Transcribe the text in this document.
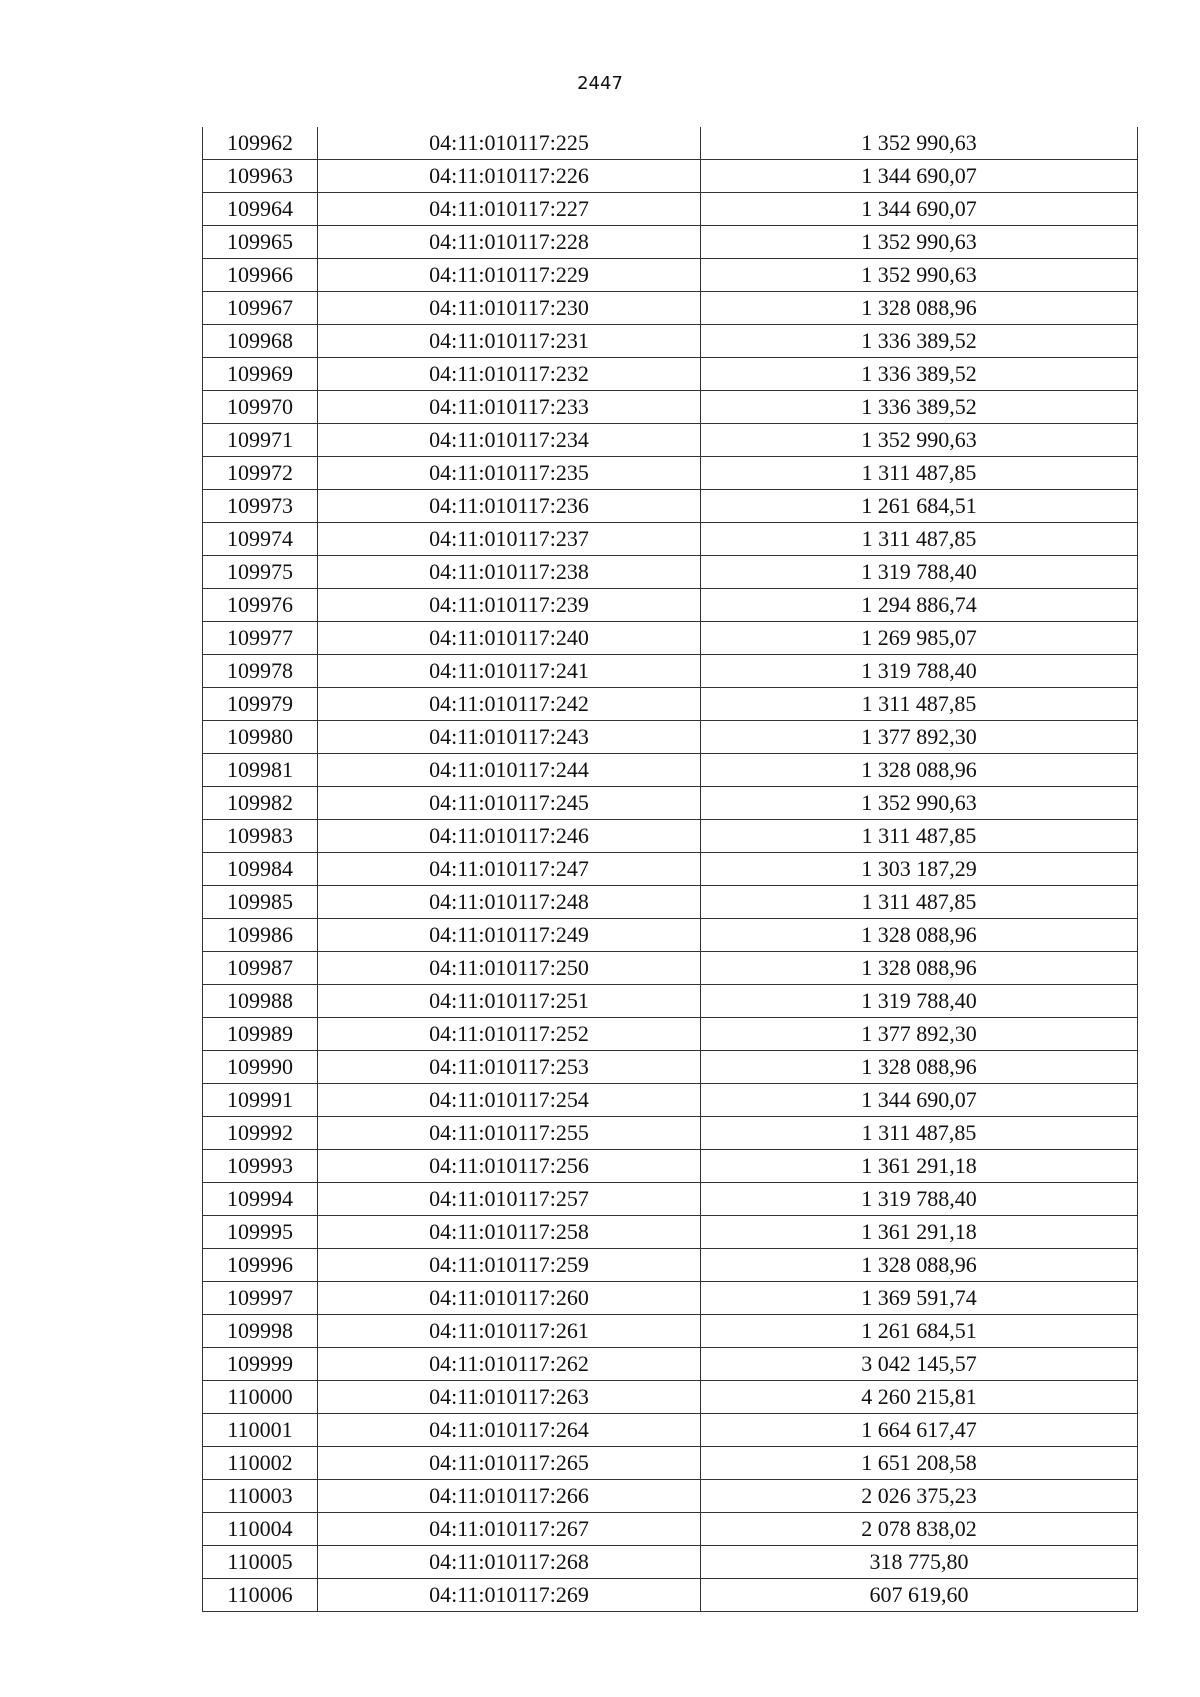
2447
109962	04:11:010117:225	1 352 990,63
109963	04:11:010117:226	1 344 690,07
109964	04:11:010117:227	1 344 690,07
109965	04:11:010117:228	1 352 990,63
109966	04:11:010117:229	1 352 990,63
109967	04:11:010117:230	1 328 088,96
109968	04:11:010117:231	1 336 389,52
109969	04:11:010117:232	1 336 389,52
109970	04:11:010117:233	1 336 389,52
109971	04:11:010117:234	1 352 990,63
109972	04:11:010117:235	1 311 487,85
109973	04:11:010117:236	1 261 684,51
109974	04:11:010117:237	1 311 487,85
109975	04:11:010117:238	1 319 788,40
109976	04:11:010117:239	1 294 886,74
109977	04:11:010117:240	1 269 985,07
109978	04:11:010117:241	1 319 788,40
109979	04:11:010117:242	1 311 487,85
109980	04:11:010117:243	1 377 892,30
109981	04:11:010117:244	1 328 088,96
109982	04:11:010117:245	1 352 990,63
109983	04:11:010117:246	1 311 487,85
109984	04:11:010117:247	1 303 187,29
109985	04:11:010117:248	1 311 487,85
109986	04:11:010117:249	1 328 088,96
109987	04:11:010117:250	1 328 088,96
109988	04:11:010117:251	1 319 788,40
109989	04:11:010117:252	1 377 892,30
109990	04:11:010117:253	1 328 088,96
109991	04:11:010117:254	1 344 690,07
109992	04:11:010117:255	1 311 487,85
109993	04:11:010117:256	1 361 291,18
109994	04:11:010117:257	1 319 788,40
109995	04:11:010117:258	1 361 291,18
109996	04:11:010117:259	1 328 088,96
109997	04:11:010117:260	1 369 591,74
109998	04:11:010117:261	1 261 684,51
109999	04:11:010117:262	3 042 145,57
110000	04:11:010117:263	4 260 215,81
110001	04:11:010117:264	1 664 617,47
110002	04:11:010117:265	1 651 208,58
110003	04:11:010117:266	2 026 375,23
110004	04:11:010117:267	2 078 838,02
110005	04:11:010117:268	318 775,80
110006	04:11:010117:269	607 619,60
